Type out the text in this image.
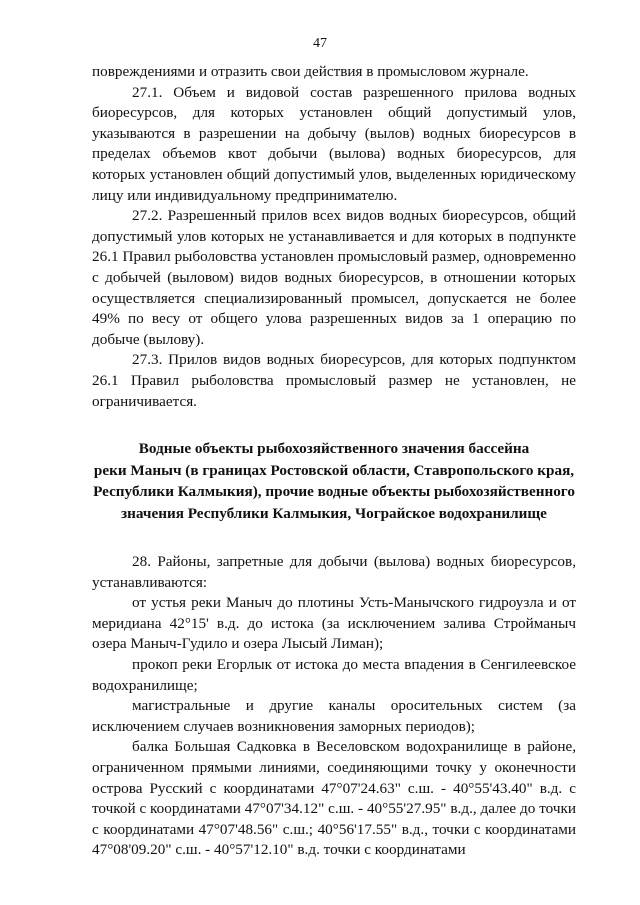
47

повреждениями и отразить свои действия в промысловом журнале.

27.1. Объем и видовой состав разрешенного прилова водных биоресурсов, для которых установлен общий допустимый улов, указываются в разрешении на добычу (вылов) водных биоресурсов в пределах объемов квот добычи (вылова) водных биоресурсов, для которых установлен общий допустимый улов, выделенных юридическому лицу или индивидуальному предпринимателю.

27.2. Разрешенный прилов всех видов водных биоресурсов, общий допустимый улов которых не устанавливается и для которых в подпункте 26.1 Правил рыболовства установлен промысловый размер, одновременно с добычей (выловом) видов водных биоресурсов, в отношении которых осуществляется специализированный промысел, допускается не более 49% по весу от общего улова разрешенных видов за 1 операцию по добыче (вылову).

27.3. Прилов видов водных биоресурсов, для которых подпунктом 26.1 Правил рыболовства промысловый размер не установлен, не ограничивается.

Водные объекты рыбохозяйственного значения бассейна
реки Маныч (в границах Ростовской области, Ставропольского края,
Республики Калмыкия), прочие водные объекты рыбохозяйственного
значения Республики Калмыкия, Чограйское водохранилище

28. Районы, запретные для добычи (вылова) водных биоресурсов, устанавливаются:

от устья реки Маныч до плотины Усть-Манычского гидроузла и от меридиана 42°15' в.д. до истока (за исключением залива Стройманыч озера Маныч-Гудило и озера Лысый Лиман);

прокоп реки Егорлык от истока до места впадения в Сенгилеевское водохранилище;

магистральные и другие каналы оросительных систем (за исключением случаев возникновения заморных периодов);

балка Большая Садковка в Веселовском водохранилище в районе, ограниченном прямыми линиями, соединяющими точку у оконечности острова Русский с координатами 47°07'24.63" с.ш. - 40°55'43.40" в.д. с точкой с координатами 47°07'34.12" с.ш. - 40°55'27.95" в.д., далее до точки с координатами 47°07'48.56" с.ш.; 40°56'17.55" в.д., точки с координатами 47°08'09.20" с.ш. - 40°57'12.10" в.д. точки с координатами
